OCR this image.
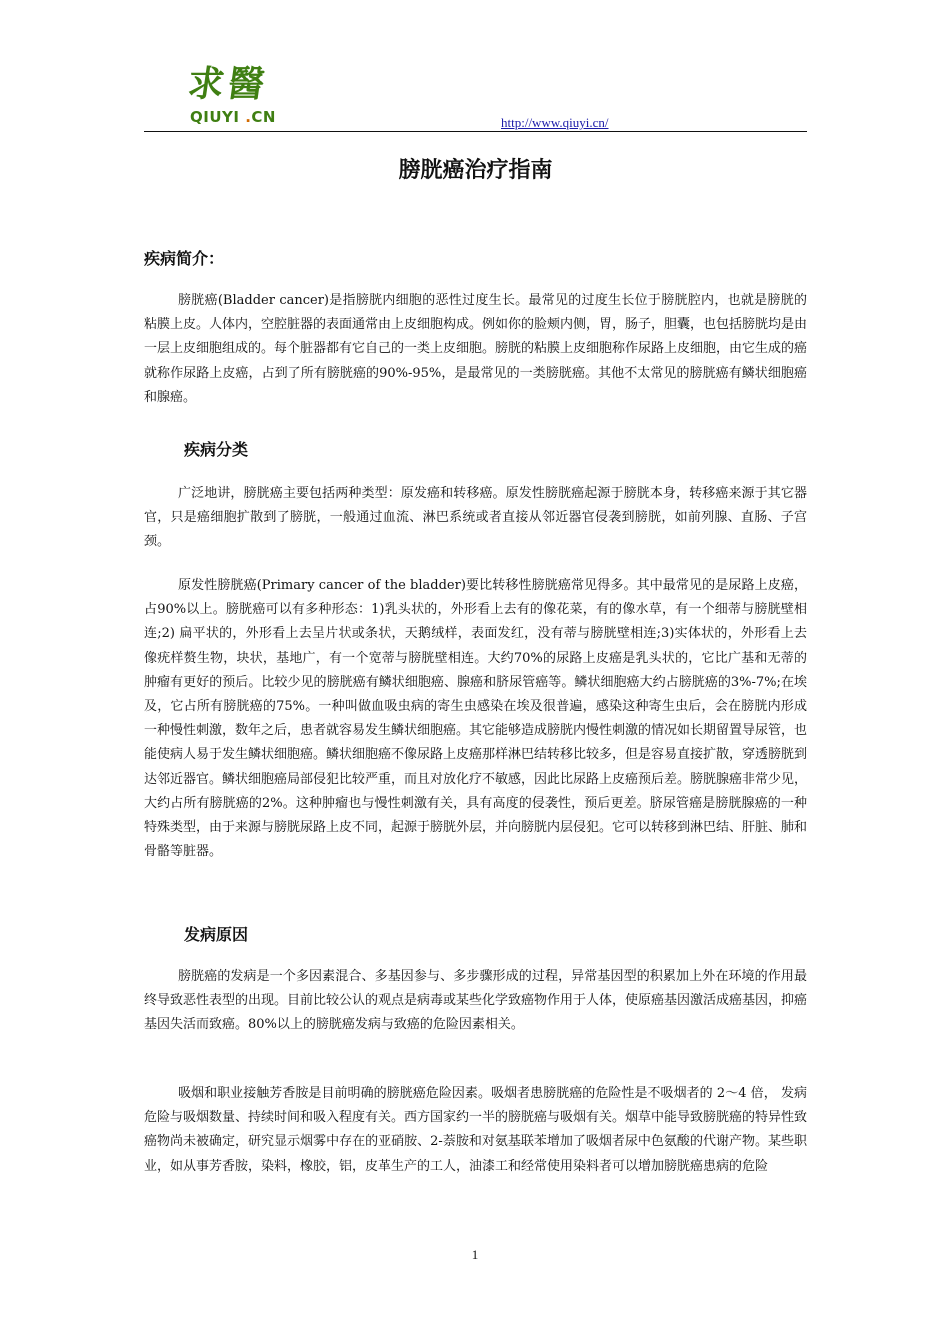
求醫
QIUYI .CN	http://www.qiuyi.cn/
膀胱癌治疗指南
疾病简介：

膀胱癌(Bladder cancer)是指膀胱内细胞的恶性过度生长。最常见的过度生长位于膀胱腔内，也就是膀胱的粘膜上皮。人体内，空腔脏器的表面通常由上皮细胞构成。例如你的脸颊内侧，胃，肠子，胆囊，也包括膀胱均是由一层上皮细胞组成的。每个脏器都有它自己的一类上皮细胞。膀胱的粘膜上皮细胞称作尿路上皮细胞，由它生成的癌就称作尿路上皮癌，占到了所有膀胱癌的90%-95%，是最常见的一类膀胱癌。其他不太常见的膀胱癌有鳞状细胞癌和腺癌。

疾病分类

广泛地讲，膀胱癌主要包括两种类型：原发癌和转移癌。原发性膀胱癌起源于膀胱本身，转移癌来源于其它器官，只是癌细胞扩散到了膀胱，一般通过血流、淋巴系统或者直接从邻近器官侵袭到膀胱，如前列腺、直肠、子宫颈。

原发性膀胱癌(Primary cancer of the bladder)要比转移性膀胱癌常见得多。其中最常见的是尿路上皮癌，占90%以上。膀胱癌可以有多种形态：1)乳头状的，外形看上去有的像花菜，有的像水草，有一个细蒂与膀胱壁相连;2) 扁平状的，外形看上去呈片状或条状，天鹅绒样，表面发红，没有蒂与膀胱壁相连;3)实体状的，外形看上去像疣样赘生物，块状，基地广，有一个宽蒂与膀胱壁相连。大约70%的尿路上皮癌是乳头状的，它比广基和无蒂的肿瘤有更好的预后。比较少见的膀胱癌有鳞状细胞癌、腺癌和脐尿管癌等。鳞状细胞癌大约占膀胱癌的3%-7%;在埃及，它占所有膀胱癌的75%。一种叫做血吸虫病的寄生虫感染在埃及很普遍，感染这种寄生虫后，会在膀胱内形成一种慢性刺激，数年之后，患者就容易发生鳞状细胞癌。其它能够造成膀胱内慢性刺激的情况如长期留置导尿管，也能使病人易于发生鳞状细胞癌。鳞状细胞癌不像尿路上皮癌那样淋巴结转移比较多，但是容易直接扩散，穿透膀胱到达邻近器官。鳞状细胞癌局部侵犯比较严重，而且对放化疗不敏感，因此比尿路上皮癌预后差。膀胱腺癌非常少见，大约占所有膀胱癌的2%。这种肿瘤也与慢性刺激有关，具有高度的侵袭性，预后更差。脐尿管癌是膀胱腺癌的一种特殊类型，由于来源与膀胱尿路上皮不同，起源于膀胱外层，并向膀胱内层侵犯。它可以转移到淋巴结、肝脏、肺和骨骼等脏器。

发病原因

膀胱癌的发病是一个多因素混合、多基因参与、多步骤形成的过程，异常基因型的积累加上外在环境的作用最终导致恶性表型的出现。目前比较公认的观点是病毒或某些化学致癌物作用于人体，使原癌基因激活成癌基因，抑癌基因失活而致癌。80%以上的膀胱癌发病与致癌的危险因素相关。

吸烟和职业接触芳香胺是目前明确的膀胱癌危险因素。吸烟者患膀胱癌的危险性是不吸烟者的 2～4 倍， 发病危险与吸烟数量、持续时间和吸入程度有关。西方国家约一半的膀胱癌与吸烟有关。烟草中能导致膀胱癌的特异性致癌物尚未被确定，研究显示烟雾中存在的亚硝胺、2-萘胺和对氨基联苯增加了吸烟者尿中色氨酸的代谢产物。某些职业，如从事芳香胺，染料，橡胶，铝，皮革生产的工人，油漆工和经常使用染料者可以增加膀胱癌患病的危险

1
